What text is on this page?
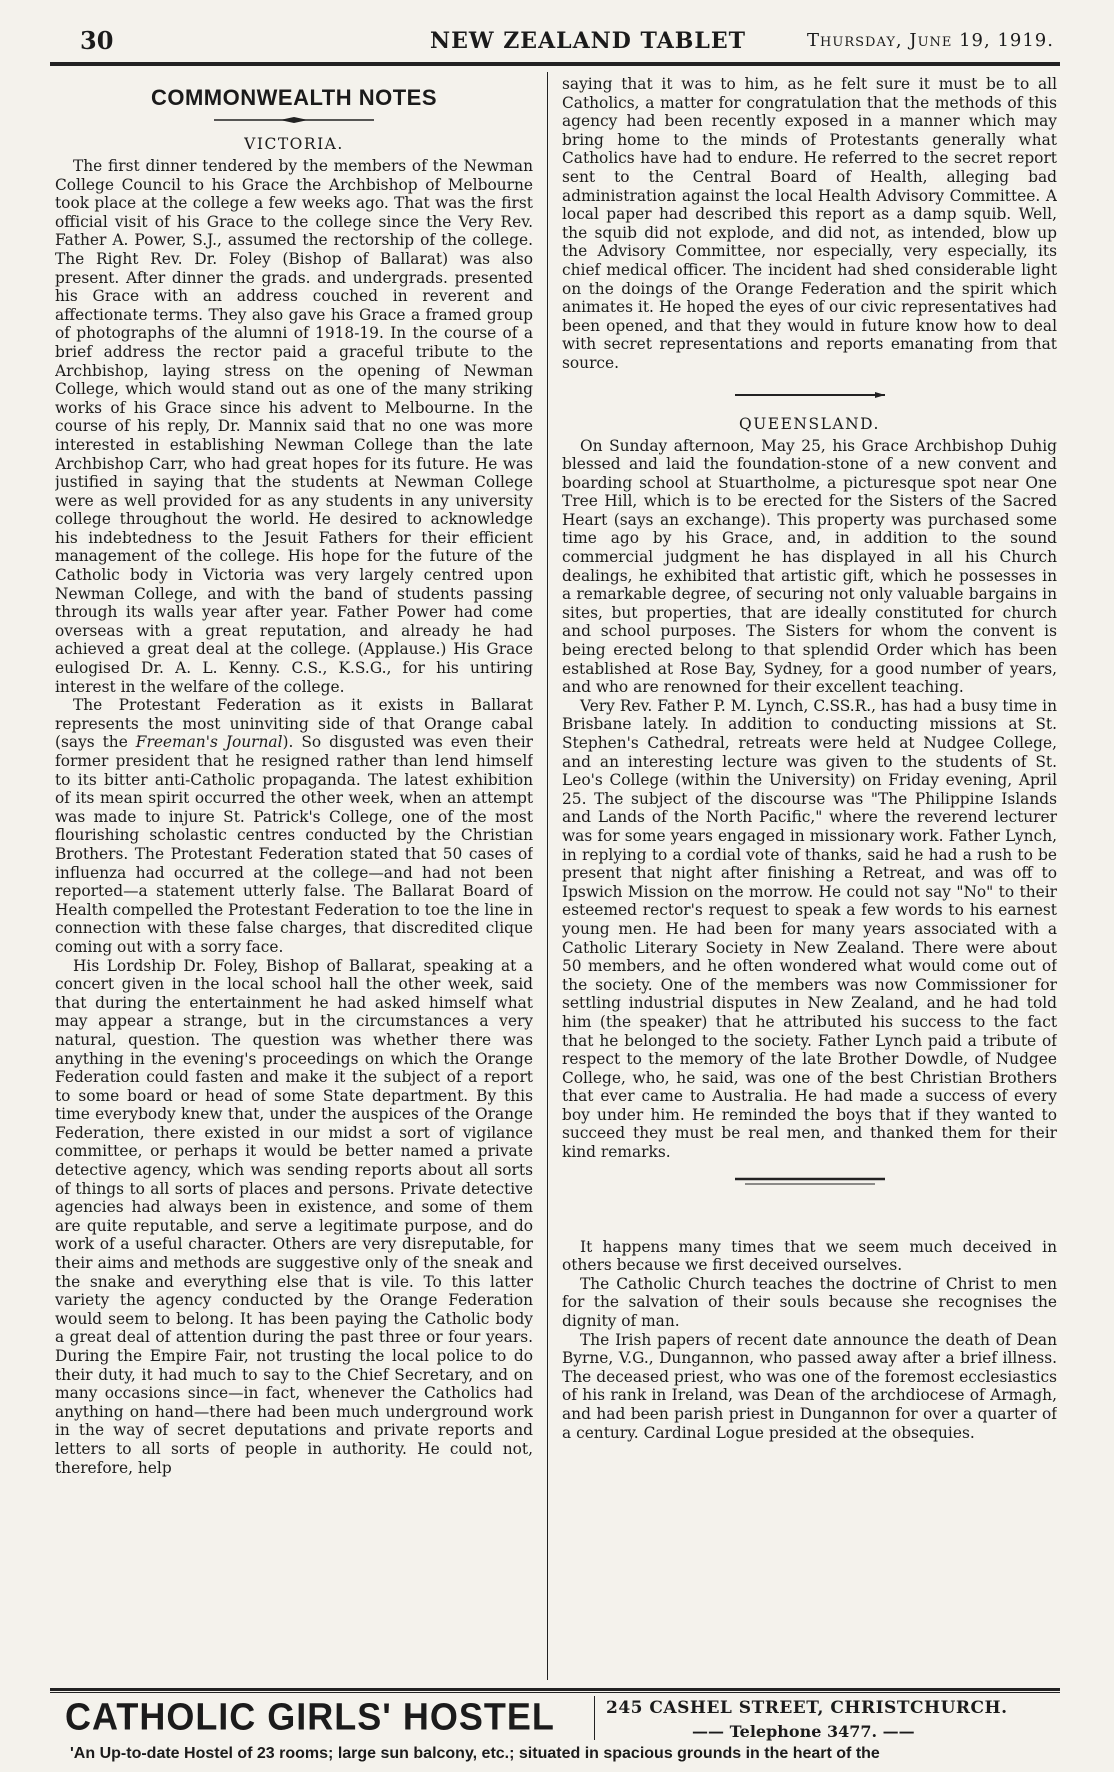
30	NEW ZEALAND TABLET	Thursday, June 19, 1919.
COMMONWEALTH NOTES
VICTORIA.

The first dinner tendered by the members of the Newman College Council to his Grace the Archbishop of Melbourne took place at the college a few weeks ago. That was the first official visit of his Grace to the college since the Very Rev. Father A. Power, S.J., assumed the rectorship of the college. The Right Rev. Dr. Foley (Bishop of Ballarat) was also present. After dinner the grads. and undergrads. presented his Grace with an address couched in reverent and affectionate terms. They also gave his Grace a framed group of photographs of the alumni of 1918-19. In the course of a brief address the rector paid a graceful tribute to the Archbishop, laying stress on the opening of Newman College, which would stand out as one of the many striking works of his Grace since his advent to Melbourne. In the course of his reply, Dr. Mannix said that no one was more interested in establishing Newman College than the late Archbishop Carr, who had great hopes for its future. He was justified in saying that the students at Newman College were as well provided for as any students in any university college throughout the world. He desired to acknowledge his indebtedness to the Jesuit Fathers for their efficient management of the college. His hope for the future of the Catholic body in Victoria was very largely centred upon Newman College, and with the band of students passing through its walls year after year. Father Power had come overseas with a great reputation, and already he had achieved a great deal at the college. (Applause.) His Grace eulogised Dr. A. L. Kenny. C.S., K.S.G., for his untiring interest in the welfare of the college.

The Protestant Federation as it exists in Ballarat represents the most uninviting side of that Orange cabal (says the Freeman's Journal). So disgusted was even their former president that he resigned rather than lend himself to its bitter anti-Catholic propaganda. The latest exhibition of its mean spirit occurred the other week, when an attempt was made to injure St. Patrick's College, one of the most flourishing scholastic centres conducted by the Christian Brothers. The Protestant Federation stated that 50 cases of influenza had occurred at the college—and had not been reported—a statement utterly false. The Ballarat Board of Health compelled the Protestant Federation to toe the line in connection with these false charges, that discredited clique coming out with a sorry face.

His Lordship Dr. Foley, Bishop of Ballarat, speaking at a concert given in the local school hall the other week, said that during the entertainment he had asked himself what may appear a strange, but in the circumstances a very natural, question. The question was whether there was anything in the evening's proceedings on which the Orange Federation could fasten and make it the subject of a report to some board or head of some State department. By this time everybody knew that, under the auspices of the Orange Federation, there existed in our midst a sort of vigilance committee, or perhaps it would be better named a private detective agency, which was sending reports about all sorts of things to all sorts of places and persons. Private detective agencies had always been in existence, and some of them are quite reputable, and serve a legitimate purpose, and do work of a useful character. Others are very disreputable, for their aims and methods are suggestive only of the sneak and the snake and everything else that is vile. To this latter variety the agency conducted by the Orange Federation would seem to belong. It has been paying the Catholic body a great deal of attention during the past three or four years. During the Empire Fair, not trusting the local police to do their duty, it had much to say to the Chief Secretary, and on many occasions since—in fact, whenever the Catholics had anything on hand—there had been much underground work in the way of secret deputations and private reports and letters to all sorts of people in authority. He could not, therefore, help

saying that it was to him, as he felt sure it must be to all Catholics, a matter for congratulation that the methods of this agency had been recently exposed in a manner which may bring home to the minds of Protestants generally what Catholics have had to endure. He referred to the secret report sent to the Central Board of Health, alleging bad administration against the local Health Advisory Committee. A local paper had described this report as a damp squib. Well, the squib did not explode, and did not, as intended, blow up the Advisory Committee, nor especially, very especially, its chief medical officer. The incident had shed considerable light on the doings of the Orange Federation and the spirit which animates it. He hoped the eyes of our civic representatives had been opened, and that they would in future know how to deal with secret representations and reports emanating from that source.

QUEENSLAND.

On Sunday afternoon, May 25, his Grace Archbishop Duhig blessed and laid the foundation-stone of a new convent and boarding school at Stuartholme, a picturesque spot near One Tree Hill, which is to be erected for the Sisters of the Sacred Heart (says an exchange). This property was purchased some time ago by his Grace, and, in addition to the sound commercial judgment he has displayed in all his Church dealings, he exhibited that artistic gift, which he possesses in a remarkable degree, of securing not only valuable bargains in sites, but properties, that are ideally constituted for church and school purposes. The Sisters for whom the convent is being erected belong to that splendid Order which has been established at Rose Bay, Sydney, for a good number of years, and who are renowned for their excellent teaching.

Very Rev. Father P. M. Lynch, C.SS.R., has had a busy time in Brisbane lately. In addition to conducting missions at St. Stephen's Cathedral, retreats were held at Nudgee College, and an interesting lecture was given to the students of St. Leo's College (within the University) on Friday evening, April 25. The subject of the discourse was "The Philippine Islands and Lands of the North Pacific," where the reverend lecturer was for some years engaged in missionary work. Father Lynch, in replying to a cordial vote of thanks, said he had a rush to be present that night after finishing a Retreat, and was off to Ipswich Mission on the morrow. He could not say "No" to their esteemed rector's request to speak a few words to his earnest young men. He had been for many years associated with a Catholic Literary Society in New Zealand. There were about 50 members, and he often wondered what would come out of the society. One of the members was now Commissioner for settling industrial disputes in New Zealand, and he had told him (the speaker) that he attributed his success to the fact that he belonged to the society. Father Lynch paid a tribute of respect to the memory of the late Brother Dowdle, of Nudgee College, who, he said, was one of the best Christian Brothers that ever came to Australia. He had made a success of every boy under him. He reminded the boys that if they wanted to succeed they must be real men, and thanked them for their kind remarks.

It happens many times that we seem much deceived in others because we first deceived ourselves.

The Catholic Church teaches the doctrine of Christ to men for the salvation of their souls because she recognises the dignity of man.

The Irish papers of recent date announce the death of Dean Byrne, V.G., Dungannon, who passed away after a brief illness. The deceased priest, who was one of the foremost ecclesiastics of his rank in Ireland, was Dean of the archdiocese of Armagh, and had been parish priest in Dungannon for over a quarter of a century. Cardinal Logue presided at the obsequies.

CATHOLIC GIRLS' HOSTEL	245 CASHEL STREET, CHRISTCHURCH.
—— Telephone 3477. ——
'An Up-to-date Hostel of 23 rooms; large sun balcony, etc.; situated in spacious grounds in the heart of the
